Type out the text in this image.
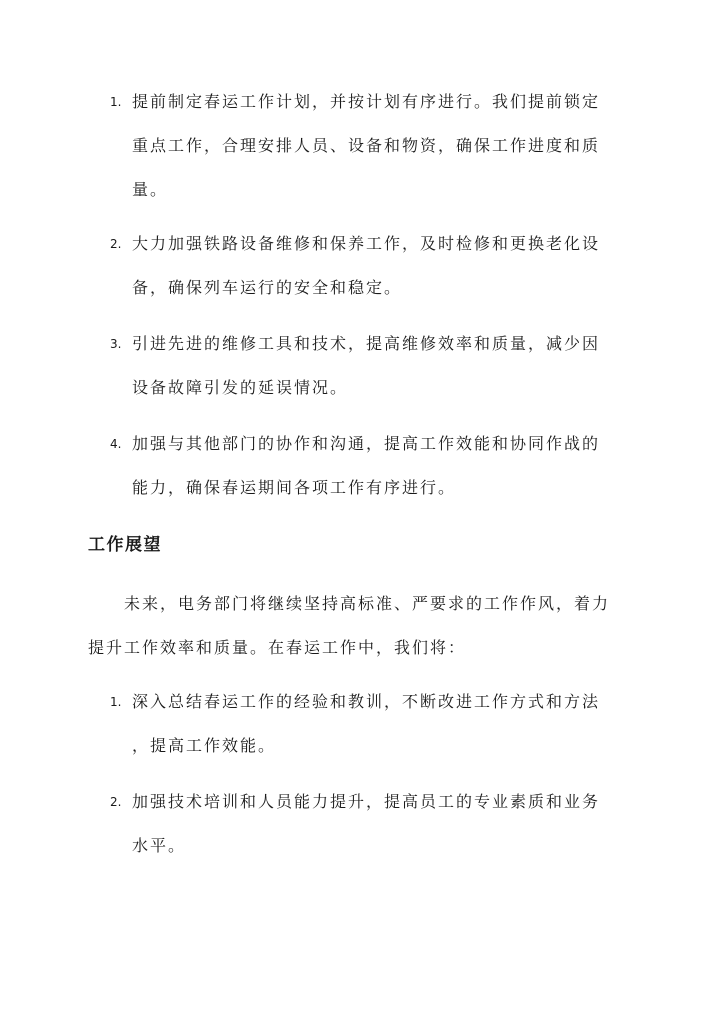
1. 提前制定春运工作计划，并按计划有序进行。我们提前锁定
重点工作，合理安排人员、设备和物资，确保工作进度和质
量。
2. 大力加强铁路设备维修和保养工作，及时检修和更换老化设
备，确保列车运行的安全和稳定。
3. 引进先进的维修工具和技术，提高维修效率和质量，减少因
设备故障引发的延误情况。
4. 加强与其他部门的协作和沟通，提高工作效能和协同作战的
能力，确保春运期间各项工作有序进行。
工作展望
未来，电务部门将继续坚持高标准、严要求的工作作风，着力
提升工作效率和质量。在春运工作中，我们将：
1. 深入总结春运工作的经验和教训，不断改进工作方式和方法
，提高工作效能。
2. 加强技术培训和人员能力提升，提高员工的专业素质和业务
水平。
